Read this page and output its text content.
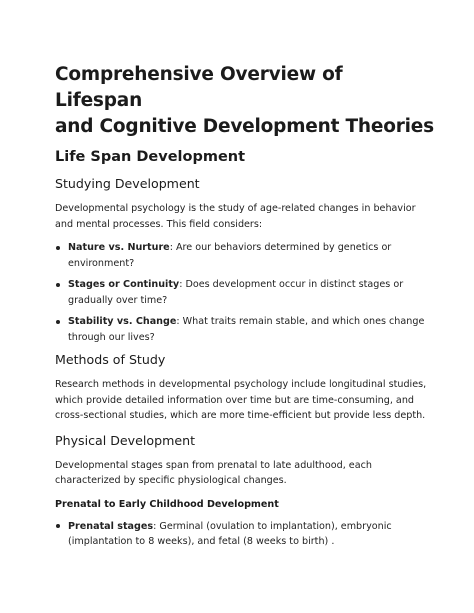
Comprehensive Overview of Lifespan
and Cognitive Development Theories
Life Span Development
Studying Development

Developmental psychology is the study of age-related changes in behavior and mental processes. This field considers:

Nature vs. Nurture: Are our behaviors determined by genetics or environment?
Stages or Continuity: Does development occur in distinct stages or gradually over time?
Stability vs. Change: What traits remain stable, and which ones change through our lives?
Methods of Study

Research methods in developmental psychology include longitudinal studies, which provide detailed information over time but are time-consuming, and cross-sectional studies, which are more time-efficient but provide less depth.

Physical Development

Developmental stages span from prenatal to late adulthood, each characterized by specific physiological changes.

Prenatal to Early Childhood Development
Prenatal stages: Germinal (ovulation to implantation), embryonic (implantation to 8 weeks), and fetal (8 weeks to birth) .
